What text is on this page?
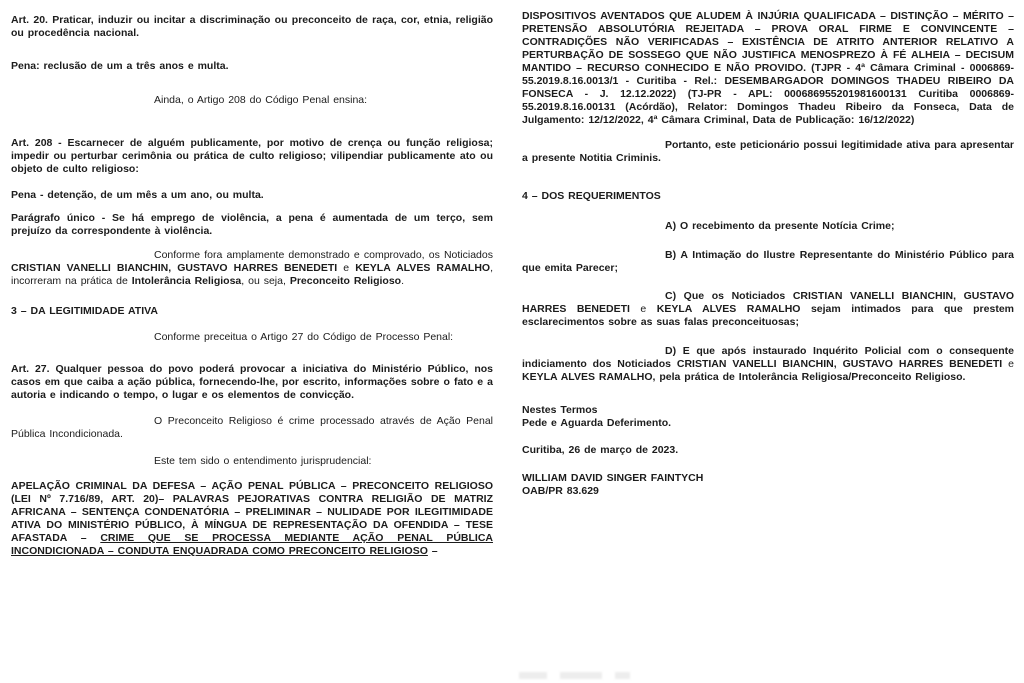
Art. 20. Praticar, induzir ou incitar a discriminação ou preconceito de raça, cor, etnia, religião ou procedência nacional.

Pena: reclusão de um a três anos e multa.

Ainda, o Artigo 208 do Código Penal ensina:

Art. 208 - Escarnecer de alguém publicamente, por motivo de crença ou função religiosa; impedir ou perturbar cerimônia ou prática de culto religioso; vilipendiar publicamente ato ou objeto de culto religioso:

Pena - detenção, de um mês a um ano, ou multa.

Parágrafo único - Se há emprego de violência, a pena é aumentada de um terço, sem prejuízo da correspondente à violência.

Conforme fora amplamente demonstrado e comprovado, os Noticiados CRISTIAN VANELLI BIANCHIN, GUSTAVO HARRES BENEDETI e KEYLA ALVES RAMALHO, incorreram na prática de Intolerância Religiosa, ou seja, Preconceito Religioso.

3 – DA LEGITIMIDADE ATIVA

Conforme preceitua o Artigo 27 do Código de Processo Penal:

Art. 27. Qualquer pessoa do povo poderá provocar a iniciativa do Ministério Público, nos casos em que caiba a ação pública, fornecendo-lhe, por escrito, informações sobre o fato e a autoria e indicando o tempo, o lugar e os elementos de convicção.

O Preconceito Religioso é crime processado através de Ação Penal Pública Incondicionada.

Este tem sido o entendimento jurisprudencial:

APELAÇÃO CRIMINAL DA DEFESA – AÇÃO PENAL PÚBLICA – PRECONCEITO RELIGIOSO (LEI Nº 7.716/89, ART. 20)– PALAVRAS PEJORATIVAS CONTRA RELIGIÃO DE MATRIZ AFRICANA – SENTENÇA CONDENATÓRIA – PRELIMINAR – NULIDADE POR ILEGITIMIDADE ATIVA DO MINISTÉRIO PÚBLICO, À MÍNGUA DE REPRESENTAÇÃO DA OFENDIDA – TESE AFASTADA – CRIME QUE SE PROCESSA MEDIANTE AÇÃO PENAL PÚBLICA INCONDICIONADA – CONDUTA ENQUADRADA COMO PRECONCEITO RELIGIOSO –

DISPOSITIVOS AVENTADOS QUE ALUDEM À INJÚRIA QUALIFICADA – DISTINÇÃO – MÉRITO – PRETENSÃO ABSOLUTÓRIA REJEITADA – PROVA ORAL FIRME E CONVINCENTE – CONTRADIÇÕES NÃO VERIFICADAS – EXISTÊNCIA DE ATRITO ANTERIOR RELATIVO A PERTURBAÇÃO DE SOSSEGO QUE NÃO JUSTIFICA MENOSPREZO À FÉ ALHEIA – DECISUM MANTIDO – RECURSO CONHECIDO E NÃO PROVIDO. (TJPR - 4ª Câmara Criminal - 0006869-55.2019.8.16.0013/1 - Curitiba - Rel.: DESEMBARGADOR DOMINGOS THADEU RIBEIRO DA FONSECA - J. 12.12.2022) (TJ-PR - APL: 000686955201981600131 Curitiba 0006869-55.2019.8.16.00131 (Acórdão), Relator: Domingos Thadeu Ribeiro da Fonseca, Data de Julgamento: 12/12/2022, 4ª Câmara Criminal, Data de Publicação: 16/12/2022)

Portanto, este peticionário possui legitimidade ativa para apresentar a presente Notitia Criminis.

4 – DOS REQUERIMENTOS

A) O recebimento da presente Notícia Crime;

B) A Intimação do Ilustre Representante do Ministério Público para que emita Parecer;

C) Que os Noticiados CRISTIAN VANELLI BIANCHIN, GUSTAVO HARRES BENEDETI e KEYLA ALVES RAMALHO sejam intimados para que prestem esclarecimentos sobre as suas falas preconceituosas;

D) E que após instaurado Inquérito Policial com o consequente indiciamento dos Noticiados CRISTIAN VANELLI BIANCHIN, GUSTAVO HARRES BENEDETI e KEYLA ALVES RAMALHO, pela prática de Intolerância Religiosa/Preconceito Religioso.

Nestes Termos
Pede e Aguarda Deferimento.

Curitiba, 26 de março de 2023.

WILLIAM DAVID SINGER FAINTYCH
OAB/PR 83.629
